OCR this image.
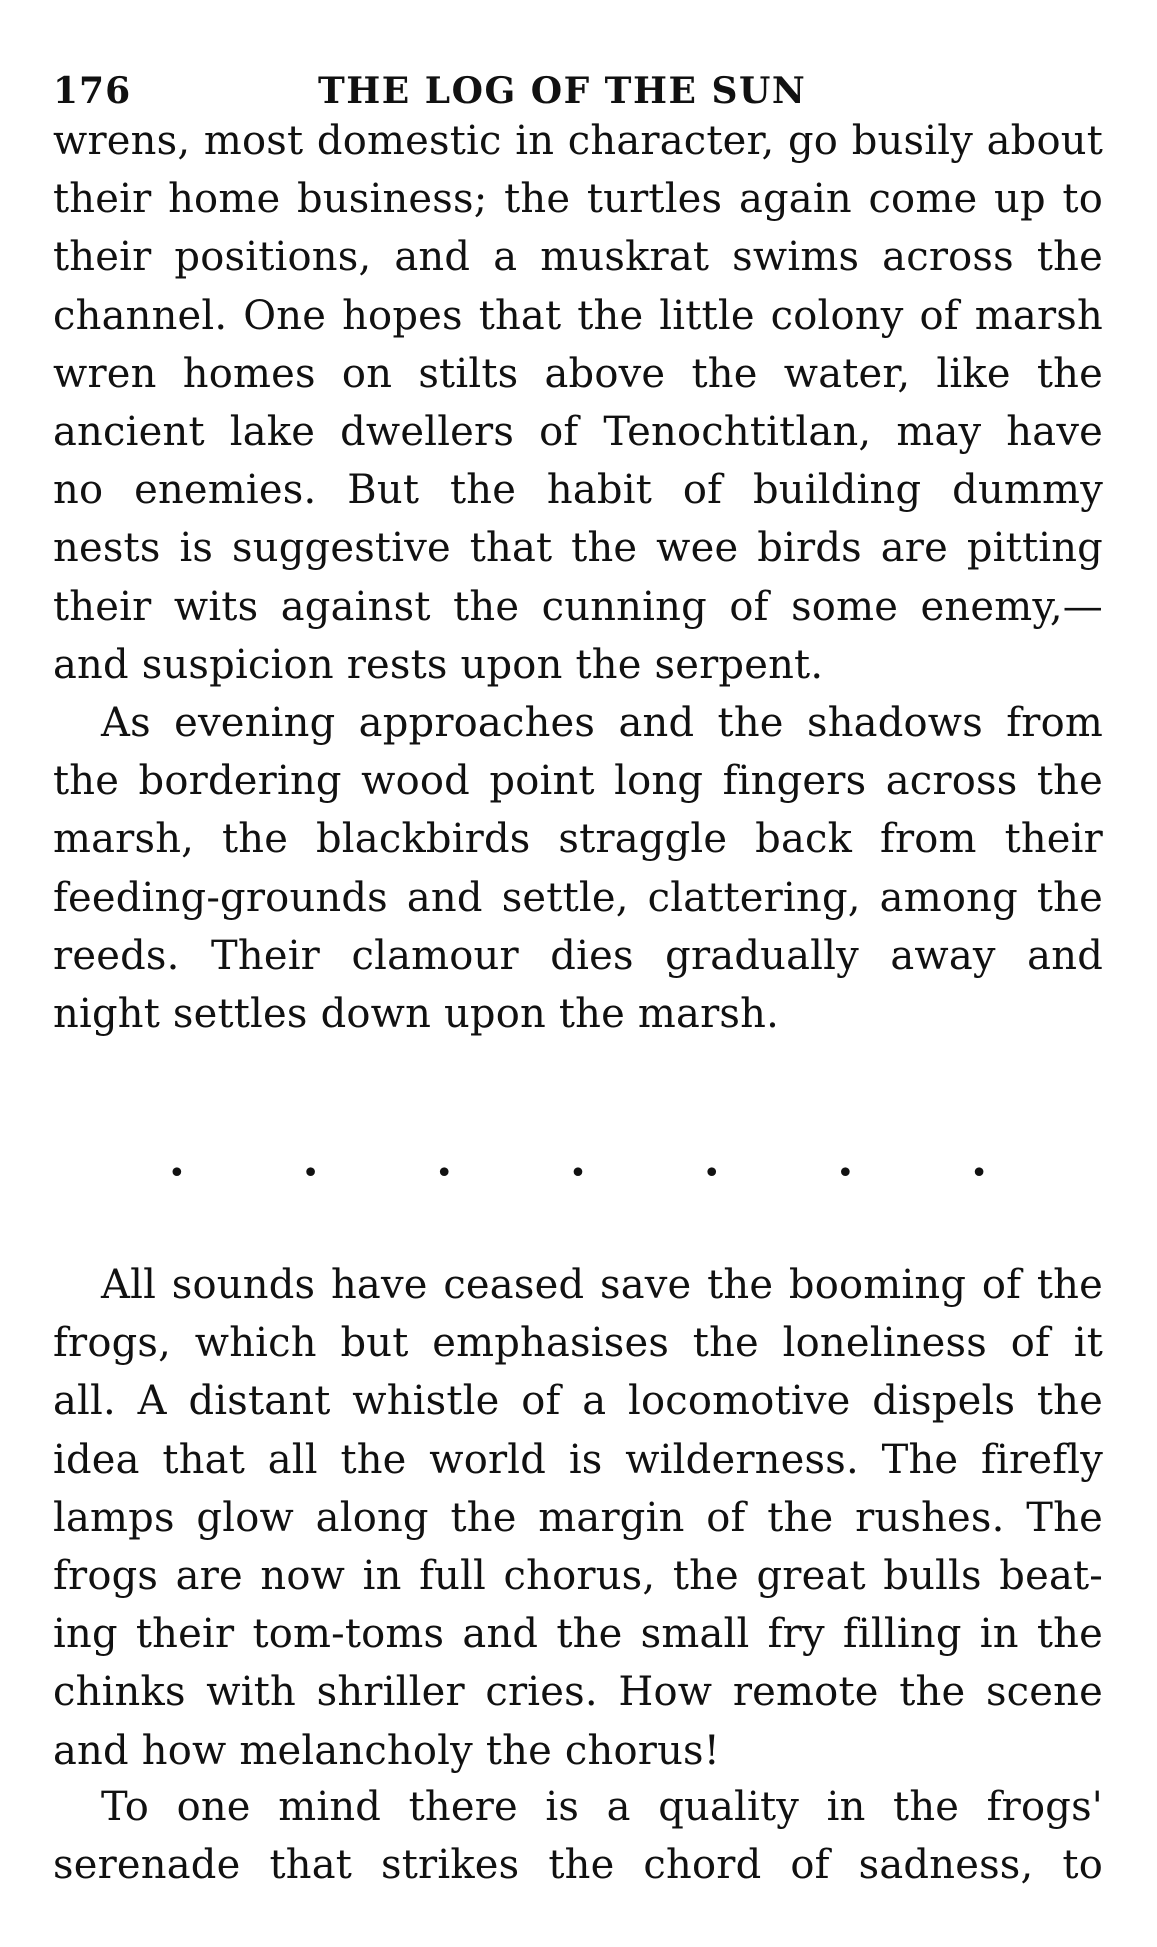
176	THE LOG OF THE SUN
wrens, most domestic in character, go busily about
their home business; the turtles again come up to
their positions, and a muskrat swims across the
channel. One hopes that the little colony of marsh
wren homes on stilts above the water, like the
ancient lake dwellers of Tenochtitlan, may have
no enemies. But the habit of building dummy
nests is suggestive that the wee birds are pitting
their wits against the cunning of some enemy,—
and suspicion rests upon the serpent.
As evening approaches and the shadows from
the bordering wood point long fingers across the
marsh, the blackbirds straggle back from their
feeding-grounds and settle, clattering, among the
reeds. Their clamour dies gradually away and
night settles down upon the marsh.
•	•	•	•	•	•	•
All sounds have ceased save the booming of the
frogs, which but emphasises the loneliness of it
all. A distant whistle of a locomotive dispels the
idea that all the world is wilderness. The firefly
lamps glow along the margin of the rushes. The
frogs are now in full chorus, the great bulls beat-
ing their tom-toms and the small fry filling in the
chinks with shriller cries. How remote the scene
and how melancholy the chorus!
To one mind there is a quality in the frogs'
serenade that strikes the chord of sadness, to
